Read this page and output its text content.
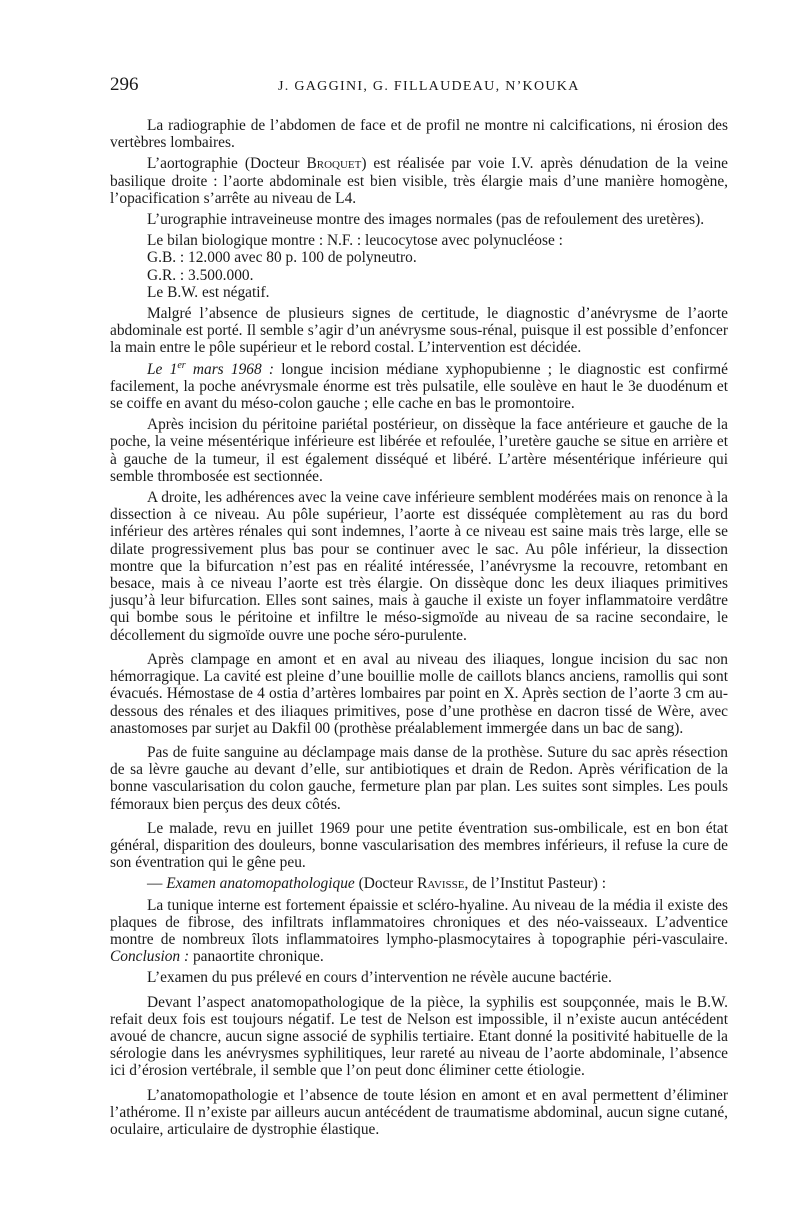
296	J. GAGGINI, G. FILLAUDEAU, N’KOUKA

La radiographie de l’abdomen de face et de profil ne montre ni calcifications, ni érosion des vertèbres lombaires.

L’aortographie (Docteur Broquet) est réalisée par voie I.V. après dénudation de la veine basilique droite : l’aorte abdominale est bien visible, très élargie mais d’une manière homogène, l’opacification s’arrête au niveau de L4.

L’urographie intraveineuse montre des images normales (pas de refoulement des uretères).

Le bilan biologique montre : N.F. : leucocytose avec polynucléose :

G.B. : 12.000 avec 80 p. 100 de polyneutro.

G.R. : 3.500.000.

Le B.W. est négatif.

Malgré l’absence de plusieurs signes de certitude, le diagnostic d’anévrysme de l’aorte abdominale est porté. Il semble s’agir d’un anévrysme sous-rénal, puisque il est possible d’enfoncer la main entre le pôle supérieur et le rebord costal. L’intervention est décidée.

Le 1er mars 1968 : longue incision médiane xyphopubienne ; le diagnostic est confirmé facilement, la poche anévrysmale énorme est très pulsatile, elle soulève en haut le 3e duodénum et se coiffe en avant du méso-colon gauche ; elle cache en bas le promontoire.

Après incision du péritoine pariétal postérieur, on dissèque la face antérieure et gauche de la poche, la veine mésentérique inférieure est libérée et refoulée, l’uretère gauche se situe en arrière et à gauche de la tumeur, il est également disséqué et libéré. L’artère mésentérique inférieure qui semble thrombosée est sectionnée.

A droite, les adhérences avec la veine cave inférieure semblent modérées mais on renonce à la dissection à ce niveau. Au pôle supérieur, l’aorte est disséquée complètement au ras du bord inférieur des artères rénales qui sont indemnes, l’aorte à ce niveau est saine mais très large, elle se dilate progressivement plus bas pour se continuer avec le sac. Au pôle inférieur, la dissection montre que la bifurcation n’est pas en réalité intéressée, l’anévrysme la recouvre, retombant en besace, mais à ce niveau l’aorte est très élargie. On dissèque donc les deux iliaques primitives jusqu’à leur bifurcation. Elles sont saines, mais à gauche il existe un foyer inflammatoire verdâtre qui bombe sous le péritoine et infiltre le méso-sigmoïde au niveau de sa racine secondaire, le décollement du sigmoïde ouvre une poche séro-purulente.

Après clampage en amont et en aval au niveau des iliaques, longue incision du sac non hémorragique. La cavité est pleine d’une bouillie molle de caillots blancs anciens, ramollis qui sont évacués. Hémostase de 4 ostia d’artères lombaires par point en X. Après section de l’aorte 3 cm au-dessous des rénales et des iliaques primitives, pose d’une prothèse en dacron tissé de Wère, avec anastomoses par surjet au Dakfil 00 (prothèse préalablement immergée dans un bac de sang).

Pas de fuite sanguine au déclampage mais danse de la prothèse. Suture du sac après résection de sa lèvre gauche au devant d’elle, sur antibiotiques et drain de Redon. Après vérification de la bonne vascularisation du colon gauche, fermeture plan par plan. Les suites sont simples. Les pouls fémoraux bien perçus des deux côtés.

Le malade, revu en juillet 1969 pour une petite éventration sus-ombilicale, est en bon état général, disparition des douleurs, bonne vascularisation des membres inférieurs, il refuse la cure de son éventration qui le gêne peu.

— Examen anatomopathologique (Docteur Ravisse, de l’Institut Pasteur) :

La tunique interne est fortement épaissie et scléro-hyaline. Au niveau de la média il existe des plaques de fibrose, des infiltrats inflammatoires chroniques et des néo-vaisseaux. L’adventice montre de nombreux îlots inflammatoires lympho-plasmocytaires à topographie péri-vasculaire. Conclusion : panaortite chronique.

L’examen du pus prélevé en cours d’intervention ne révèle aucune bactérie.

Devant l’aspect anatomopathologique de la pièce, la syphilis est soupçonnée, mais le B.W. refait deux fois est toujours négatif. Le test de Nelson est impossible, il n’existe aucun antécédent avoué de chancre, aucun signe associé de syphilis tertiaire. Etant donné la positivité habituelle de la sérologie dans les anévrysmes syphilitiques, leur rareté au niveau de l’aorte abdominale, l’absence ici d’érosion vertébrale, il semble que l’on peut donc éliminer cette étiologie.

L’anatomopathologie et l’absence de toute lésion en amont et en aval permettent d’éliminer l’athérome. Il n’existe par ailleurs aucun antécédent de traumatisme abdominal, aucun signe cutané, oculaire, articulaire de dystrophie élastique.
